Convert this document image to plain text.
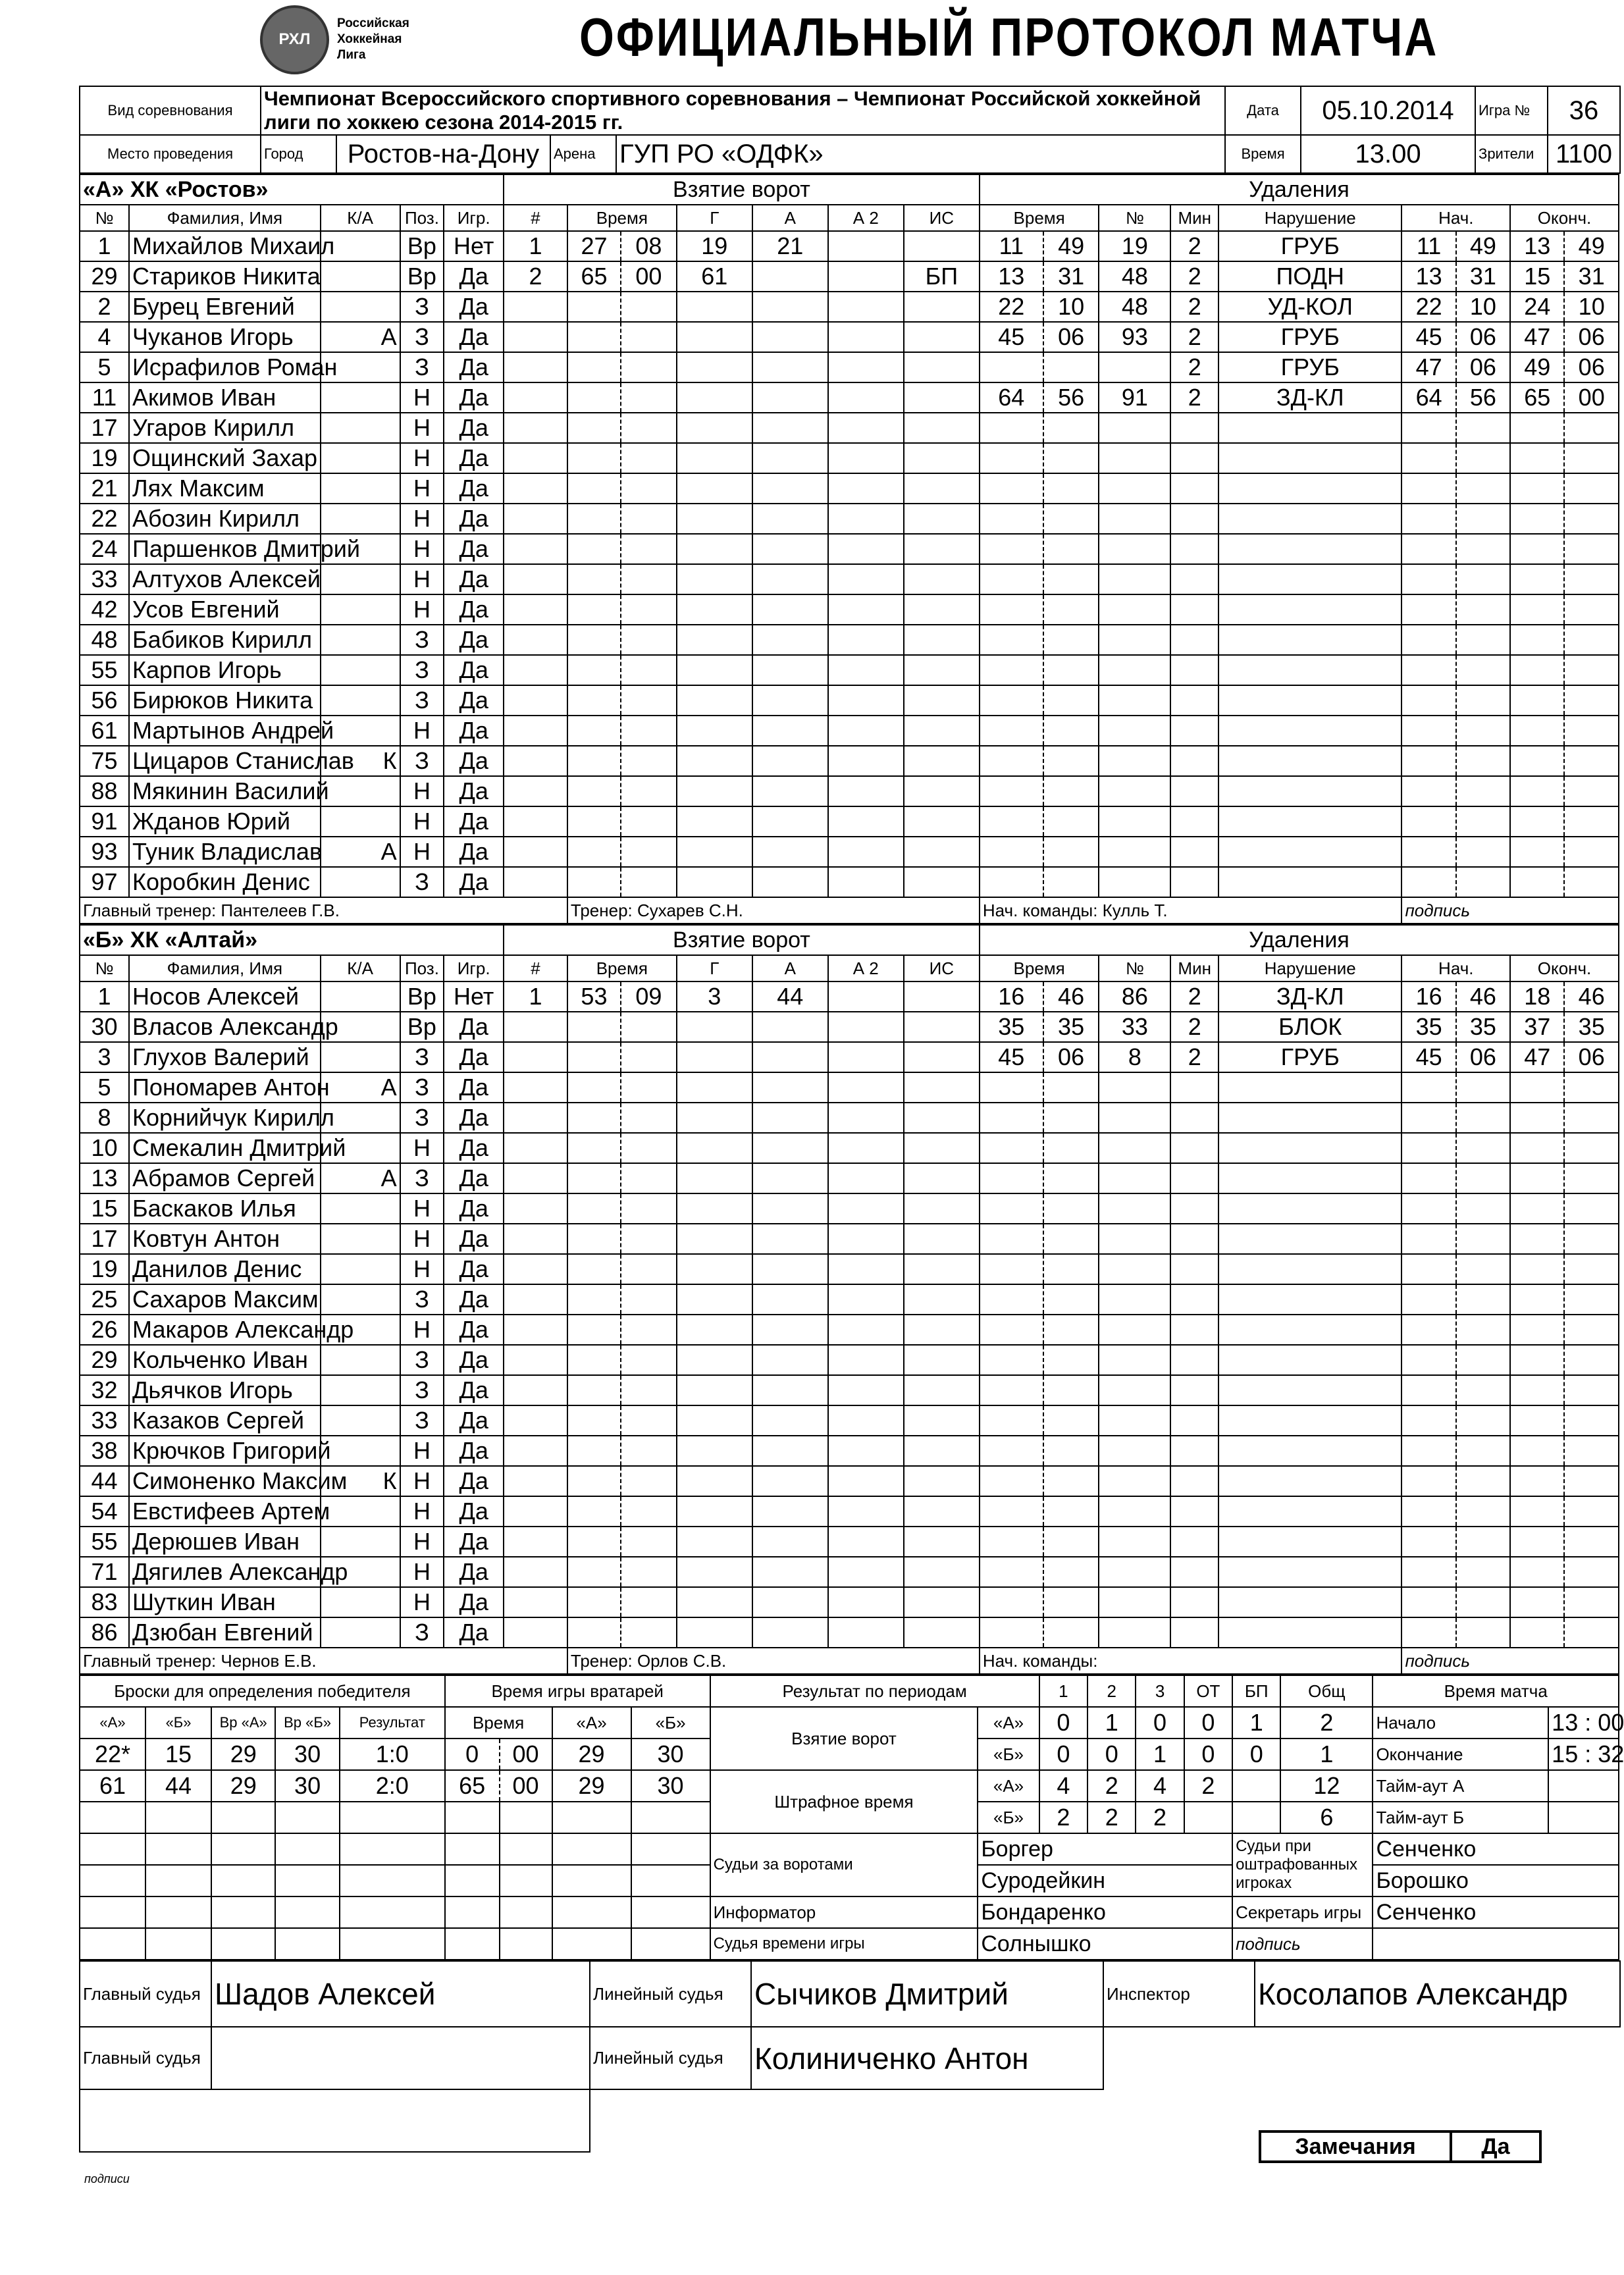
РХЛ
Российская
Хоккейная
Лига	ОФИЦИАЛЬНЫЙ ПРОТОКОЛ МАТЧА
Вид соревнования	Чемпионат Всероссийского спортивного соревнования – Чемпионат Российской хоккейной лиги по хоккею сезона 2014-2015 гг.				Дата	05.10.2014	Игра №	36
Место проведения	Город	Ростов-на-Дону	Арена	ГУП РО «ОДФК»	Время	13.00	Зрители	1100
«А» ХК «Ростов»					Взятие ворот							Удаления								
№	Фамилия, Имя	К/А	Поз.	Игр.	#	Время		Г	А	А 2	ИС	Время		№	Мин	Нарушение	Нач.		Оконч.	
1	Михайлов Михаил		Вр	Нет	1	27	08	19	21			11	49	19	2	ГРУБ	11	49	13	49
29	Стариков Никита		Вр	Да	2	65	00	61			БП	13	31	48	2	ПОДН	13	31	15	31
2	Бурец Евгений		З	Да								22	10	48	2	УД-КОЛ	22	10	24	10
4	Чуканов Игорь	А	З	Да								45	06	93	2	ГРУБ	45	06	47	06
5	Исрафилов Роман		З	Да											2	ГРУБ	47	06	49	06
11	Акимов Иван		Н	Да								64	56	91	2	ЗД-КЛ	64	56	65	00
17	Угаров Кирилл		Н	Да																
19	Ощинский Захар		Н	Да																
21	Лях Максим		Н	Да																
22	Абозин Кирилл		Н	Да																
24	Паршенков Дмитрий		Н	Да																
33	Алтухов Алексей		Н	Да																
42	Усов Евгений		Н	Да																
48	Бабиков Кирилл		З	Да																
55	Карпов Игорь		З	Да																
56	Бирюков Никита		З	Да																
61	Мартынов Андрей		Н	Да																
75	Цицаров Станислав	К	З	Да																
88	Мякинин Василий		Н	Да																
91	Жданов Юрий		Н	Да																
93	Туник Владислав	А	Н	Да																
97	Коробкин Денис		З	Да																
Главный тренер: Пантелеев Г.В.						Тренер: Сухарев С.Н.						Нач. команды: Кулль Т.					подпись			
«Б» ХК «Алтай»					Взятие ворот							Удаления								
№	Фамилия, Имя	К/А	Поз.	Игр.	#	Время		Г	А	А 2	ИС	Время		№	Мин	Нарушение	Нач.		Оконч.	
1	Носов Алексей		Вр	Нет	1	53	09	3	44			16	46	86	2	ЗД-КЛ	16	46	18	46
30	Власов Александр		Вр	Да								35	35	33	2	БЛОК	35	35	37	35
3	Глухов Валерий		З	Да								45	06	8	2	ГРУБ	45	06	47	06
5	Пономарев Антон	А	З	Да																
8	Корнийчук Кирилл		З	Да																
10	Смекалин Дмитрий		Н	Да																
13	Абрамов Сергей	А	З	Да																
15	Баскаков Илья		Н	Да																
17	Ковтун Антон		Н	Да																
19	Данилов Денис		Н	Да																
25	Сахаров Максим		З	Да																
26	Макаров Александр		Н	Да																
29	Кольченко Иван		З	Да																
32	Дьячков Игорь		З	Да																
33	Казаков Сергей		З	Да																
38	Крючков Григорий		Н	Да																
44	Симоненко Максим	К	Н	Да																
54	Евстифеев Артем		Н	Да																
55	Дерюшев Иван		Н	Да																
71	Дягилев Александр		Н	Да																
83	Шуткин Иван		Н	Да																
86	Дзюбан Евгений		З	Да																
Главный тренер: Чернов Е.В.						Тренер: Орлов С.В.						Нач. команды:					подпись			
Броски для определения победителя					Время игры вратарей				Результат по периодам		1	2	3	ОТ	БП	Общ	Время матча	
«А»	«Б»	Вр «А»	Вр «Б»	Результат	Время		«А»	«Б»	Взятие ворот	«А»	0	1	0	0	1	2	Начало	13 : 00
22*	15	29	30	1:0	0	00	29	30		«Б»	0	0	1	0	0	1	Окончание	15 : 32
61	44	29	30	2:0	65	00	29	30	Штрафное время	«А»	4	2	4	2		12	Тайм-аут А	
										«Б»	2	2	2			6	Тайм-аут Б	
									Судьи за воротами	Боргер					Судьи при оштрафованных игроках		Сенченко	
										Суродейкин							Борошко	
									Информатор	Бондаренко					Секретарь игры		Сенченко	
									Судья времени игры	Солнышко					подпись			
Главный судья	Шадов Алексей	Линейный судья	Сычиков Дмитрий	Инспектор	Косолапов Александр
Главный судья		Линейный судья	Колиниченко Антон		

Замечания	Да
подписи
